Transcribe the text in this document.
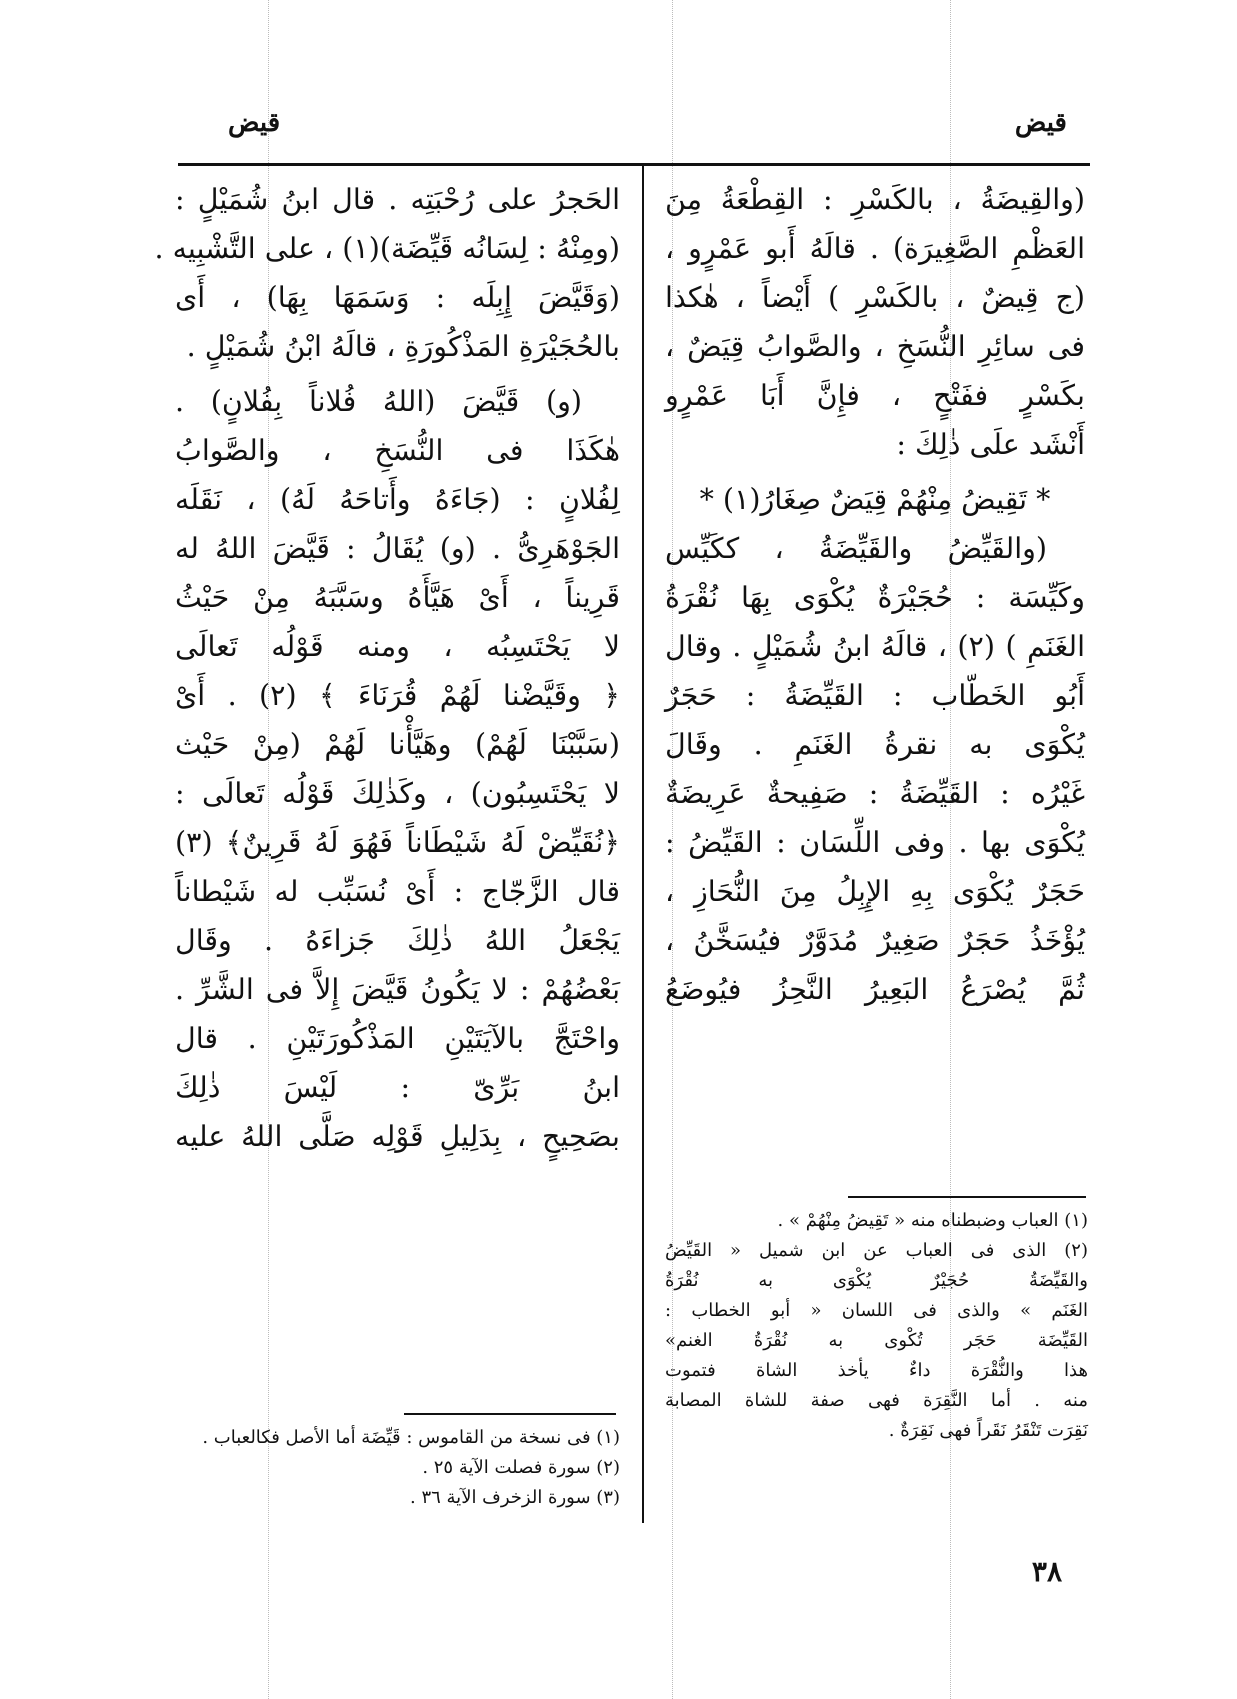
قيض
قيض
(والقِيضَةُ ، بالكَسْرِ : القِطْعَةُ مِنَ
العَظْمِ الصَّغِيرَة) . قالَهُ أَبو عَمْرٍو ،
(ج قِيضٌ ، بالكَسْرِ ) أَيْضاً ، هٰكذا
فى سائِرِ النُّسَخِ ، والصَّوابُ قِيَضٌ ،
بكَسْرٍ ففَتْحٍ ، فإِنَّ أَبَا عَمْرٍو
أَنْشَد علَى ذٰلِكَ :
* تَقِيضُ مِنْهُمْ قِيَضٌ صِغَارُ(١) *
(والقَيِّضُ والقَيِّضَةُ ، ككَيِّس
وكَيِّسَة : حُجَيْرَةٌ يُكْوَى بِهَا نُقْرَةُ
الغَنَمِ ) (٢) ، قالَهُ ابنُ شُمَيْلٍ . وقال
أَبُو الخَطّاب : القَيِّضَةُ : حَجَرٌ
يُكْوَى به نقرةُ الغَنَمِ . وقَالَ
غَيْرُه : القَيِّضَةُ : صَفِيحةٌ عَرِيضَةٌ
يُكْوَى بها . وفى اللِّسَان : القَيِّضُ :
حَجَرٌ يُكْوَى بِهِ الإِبِلُ مِنَ النُّحَازِ ،
يُؤْخَذُ حَجَرٌ صَغِيرٌ مُدَوَّرٌ فيُسَخَّنُ ،
ثُمَّ يُصْرَعُ البَعِيرُ النَّحِزُ فيُوضَعُ
الحَجرُ على رُحْبَتِه . قال ابنُ شُمَيْلٍ :
(ومِنْهُ : لِسَانُه قَيِّضَة)(١) ، على التَّشْبِيه .
(وَقَيَّضَ إِبِلَه : وَسَمَهَا بِهَا) ، أَى
بالحُجَيْرَةِ المَذْكُورَةِ ، قالَهُ ابْنُ شُمَيْلٍ .
(و) قَيَّضَ (اللهُ فُلاناً بِفُلانٍ) .
هٰكَذَا فى النُّسَخِ ، والصَّوابُ
لِفُلانٍ : (جَاءَهُ وأَتاحَهُ لَهُ) ، نَقَلَه
الجَوْهَرِىُّ . (و) يُقَالُ : قَيَّضَ اللهُ له
قَرِيناً ، أَىْ هَيَّأَهُ وسَبَّبَهُ مِنْ حَيْثُ
لا يَحْتَسِبُه ، ومنه قَوْلُه تَعالَى
﴿ وقَيَّضْنا لَهُمْ قُرَنَاءَ ﴾ (٢) . أَىْ
(سَبَّبْنَا لَهُمْ) وهَيَّأْنا لَهُمْ (مِنْ حَيْث
لا يَحْتَسِبُون) ، وكَذٰلِكَ قَوْلُه تَعالَى :
﴿نُقَيِّضْ لَهُ شَيْطَاناً فَهُوَ لَهُ قَرِينٌ﴾ (٣)
قال الزَّجّاج : أَىْ نُسَبِّب له شَيْطاناً
يَجْعَلُ اللهُ ذٰلِكَ جَزاءَهُ . وقَال
بَعْضُهُمْ : لا يَكُونُ قَيَّضَ إِلاَّ فى الشَّرِّ .
واحْتَجَّ بالآيَتَيْنِ المَذْكُورَتَيْنِ . قال
ابنُ بَرِّىّ : لَيْسَ ذٰلِكَ
بصَحِيحٍ ، بِدَلِيلِ قَوْلِه صَلَّى اللهُ عليه
(١) العباب وضبطناه منه « تَقِيضُ مِنْهُمْ » .
(٢) الذى فى العباب عن ابن شميل « القَيِّضُ
والقَيِّضَةُ حُجَيْرٌ يُكْوَى به نُقْرَةُ
الغَنَم » والذى فى اللسان « أبو الخطاب :
القَيِّضَة حَجَر تُكْوى به نُقْرَةُ الغنم»
هذا والنُّقْرَة داءٌ يأخذ الشاة فتموت
منه . أما النَّقِرَة فهى صفة للشاة المصابة
نَقِرَت تَنْقَرُ نَقَراً فهى نَقِرَةٌ .
(١) فى نسخة من القاموس : قَيِّضَة أما الأصل فكالعباب .
(٢) سورة فصلت الآية ٢٥ .
(٣) سورة الزخرف الآية ٣٦ .
٣٨
